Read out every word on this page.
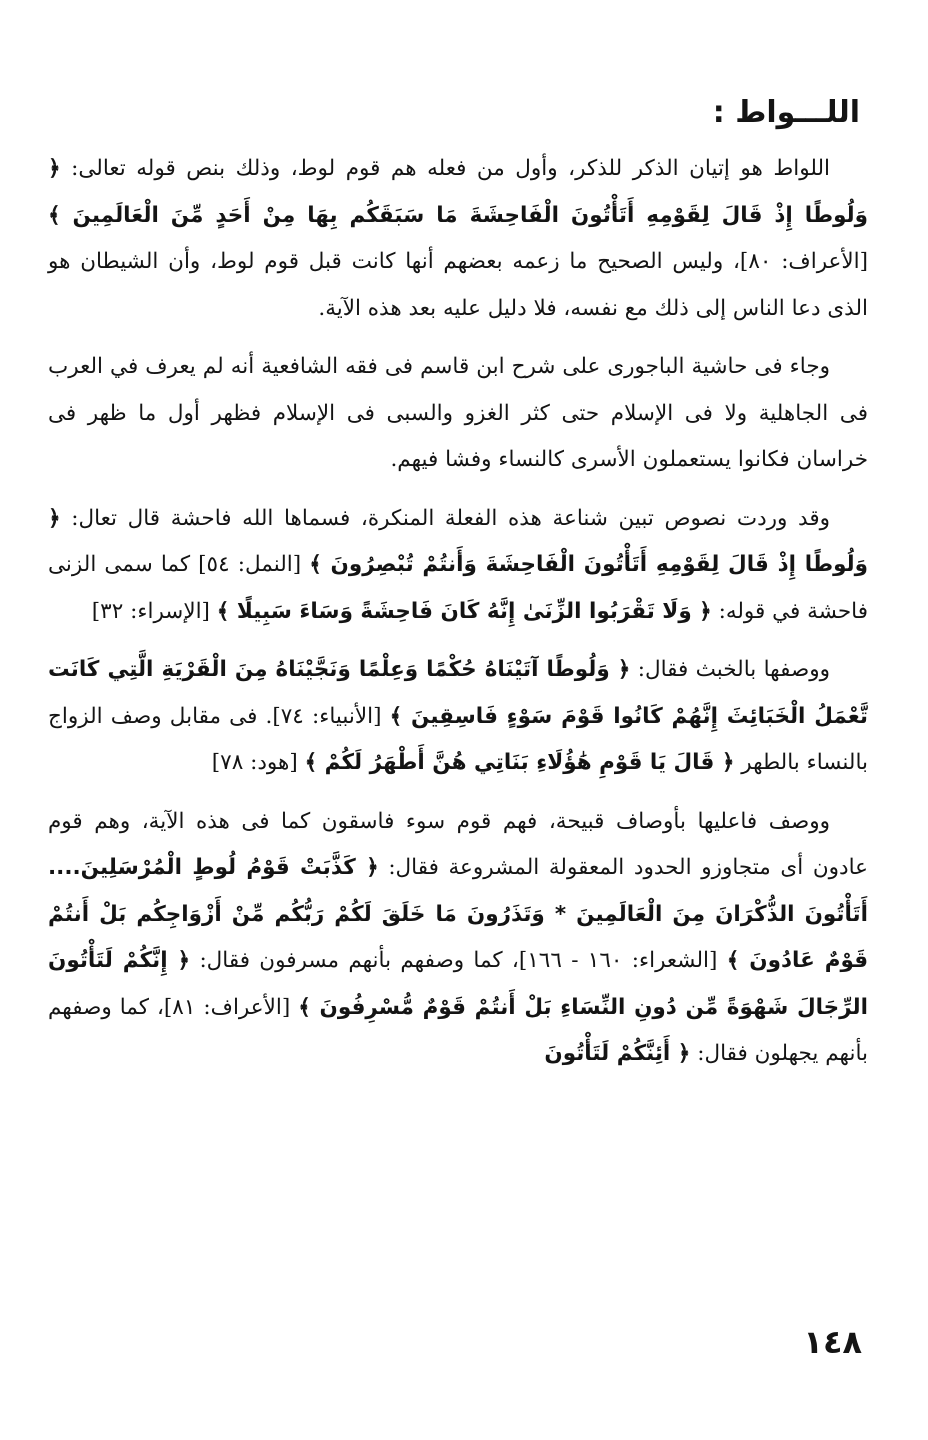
اللـــواط :

اللواط هو إتيان الذكر للذكر، وأول من فعله هم قوم لوط، وذلك بنص قوله تعالى: ﴿ وَلُوطًا إِذْ قَالَ لِقَوْمِهِ أَتَأْتُونَ الْفَاحِشَةَ مَا سَبَقَكُم بِهَا مِنْ أَحَدٍ مِّنَ الْعَالَمِينَ ﴾ [الأعراف: ٨٠]، وليس الصحيح ما زعمه بعضهم أنها كانت قبل قوم لوط، وأن الشيطان هو الذى دعا الناس إلى ذلك مع نفسه، فلا دليل عليه بعد هذه الآية.

وجاء فى حاشية الباجورى على شرح ابن قاسم فى فقه الشافعية أنه لم يعرف في العرب فى الجاهلية ولا فى الإسلام حتى كثر الغزو والسبى فى الإسلام فظهر أول ما ظهر فى خراسان فكانوا يستعملون الأسرى كالنساء وفشا فيهم.

وقد وردت نصوص تبين شناعة هذه الفعلة المنكرة، فسماها الله فاحشة قال تعال: ﴿ وَلُوطًا إِذْ قَالَ لِقَوْمِهِ أَتَأْتُونَ الْفَاحِشَةَ وَأَنتُمْ تُبْصِرُونَ ﴾ [النمل: ٥٤] كما سمى الزنى فاحشة في قوله: ﴿ وَلَا تَقْرَبُوا الزِّنَىٰ إِنَّهُ كَانَ فَاحِشَةً وَسَاءَ سَبِيلًا ﴾ [الإسراء: ٣٢]

ووصفها بالخبث فقال: ﴿ وَلُوطًا آتَيْنَاهُ حُكْمًا وَعِلْمًا وَنَجَّيْنَاهُ مِنَ الْقَرْيَةِ الَّتِي كَانَت تَّعْمَلُ الْخَبَائِثَ إِنَّهُمْ كَانُوا قَوْمَ سَوْءٍ فَاسِقِينَ ﴾ [الأنبياء: ٧٤]. فى مقابل وصف الزواج بالنساء بالطهر ﴿ قَالَ يَا قَوْمِ هَٰؤُلَاءِ بَنَاتِي هُنَّ أَطْهَرُ لَكُمْ ﴾ [هود: ٧٨]

ووصف فاعليها بأوصاف قبيحة، فهم قوم سوء فاسقون كما فى هذه الآية، وهم قوم عادون أى متجاوزو الحدود المعقولة المشروعة فقال: ﴿ كَذَّبَتْ قَوْمُ لُوطٍ الْمُرْسَلِينَ.... أَتَأْتُونَ الذُّكْرَانَ مِنَ الْعَالَمِينَ * وَتَذَرُونَ مَا خَلَقَ لَكُمْ رَبُّكُم مِّنْ أَزْوَاجِكُم بَلْ أَنتُمْ قَوْمٌ عَادُونَ ﴾ [الشعراء: ١٦٠ - ١٦٦]، كما وصفهم بأنهم مسرفون فقال: ﴿ إِنَّكُمْ لَتَأْتُونَ الرِّجَالَ شَهْوَةً مِّن دُونِ النِّسَاءِ بَلْ أَنتُمْ قَوْمٌ مُّسْرِفُونَ ﴾ [الأعراف: ٨١]، كما وصفهم بأنهم يجهلون فقال: ﴿ أَئِنَّكُمْ لَتَأْتُونَ

١٤٨
